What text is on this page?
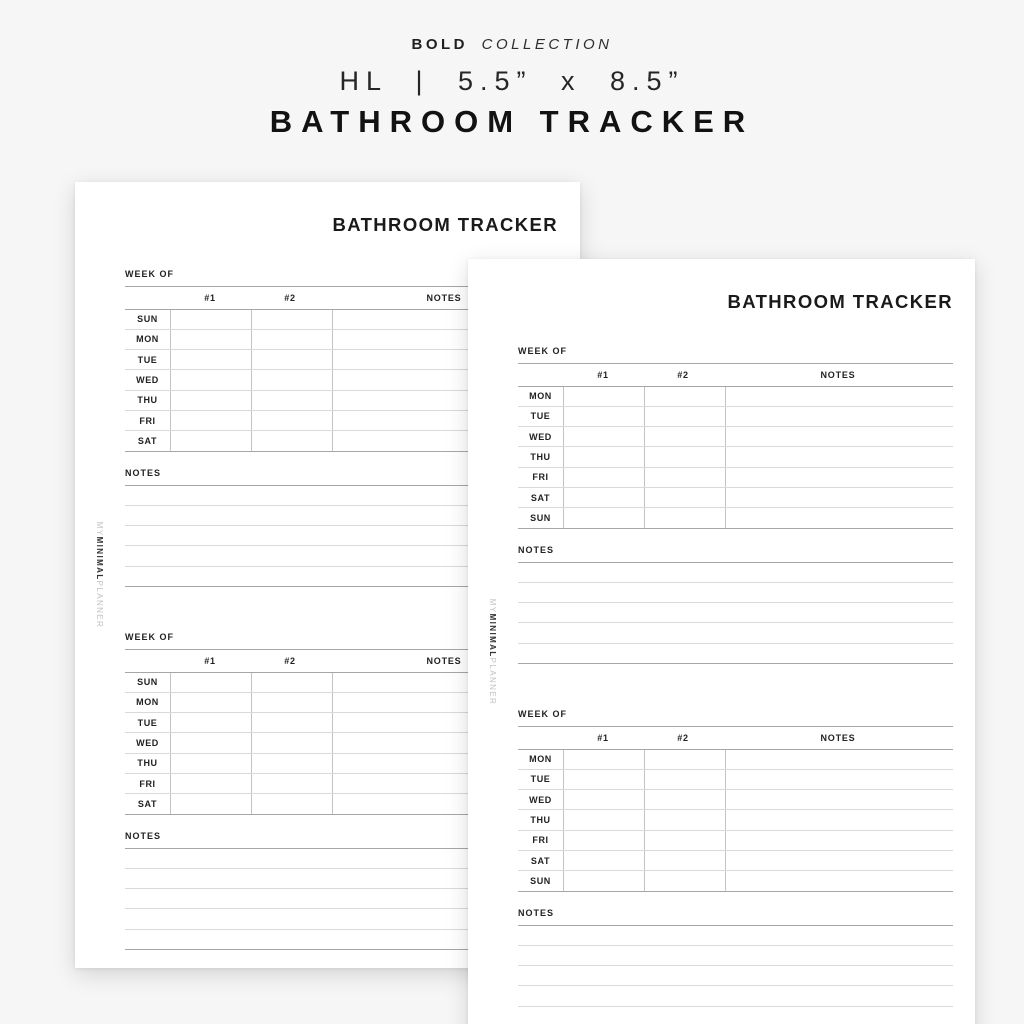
BOLD COLLECTION
HL | 5.5” x 8.5”
BATHROOM TRACKER
BATHROOM TRACKER
MYMINIMALPLANNER
WEEK OF
#1	#2	NOTES
SUN
MON
TUE
WED
THU
FRI
SAT
NOTES
WEEK OF
#1	#2	NOTES
SUN
MON
TUE
WED
THU
FRI
SAT
NOTES
BATHROOM TRACKER
MYMINIMALPLANNER
WEEK OF
#1	#2	NOTES
MON
TUE
WED
THU
FRI
SAT
SUN
NOTES
WEEK OF
#1	#2	NOTES
MON
TUE
WED
THU
FRI
SAT
SUN
NOTES
